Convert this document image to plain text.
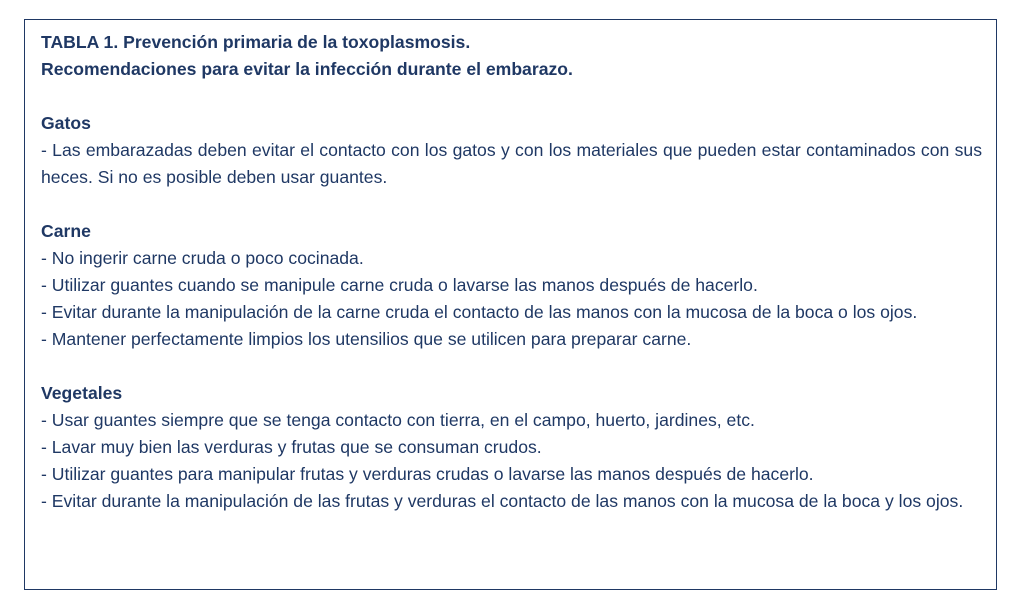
TABLA 1. Prevención primaria de la toxoplasmosis.

Recomendaciones para evitar la infección durante el embarazo.

Gatos

- Las embarazadas deben evitar el contacto con los gatos y con los materiales que pueden estar contaminados con sus heces. Si no es posible deben usar guantes.

Carne

- No ingerir carne cruda o poco cocinada.

- Utilizar guantes cuando se manipule carne cruda o lavarse las manos después de hacerlo.

- Evitar durante la manipulación de la carne cruda el contacto de las manos con la mucosa de la boca o los ojos.

- Mantener perfectamente limpios los utensilios que se utilicen para preparar carne.

Vegetales

- Usar guantes siempre que se tenga contacto con tierra, en el campo, huerto, jardines, etc.

- Lavar muy bien las verduras y frutas que se consuman crudos.

- Utilizar guantes para manipular frutas y verduras crudas o lavarse las manos después de hacerlo.

- Evitar durante la manipulación de las frutas y verduras el contacto de las manos con la mucosa de la boca y los ojos.
